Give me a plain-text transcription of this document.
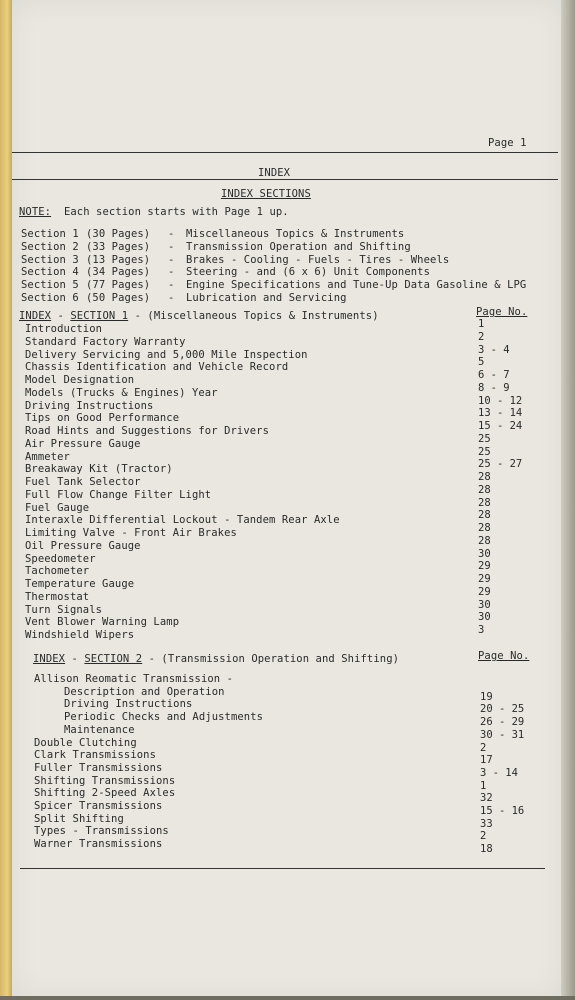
Page 1
INDEX
INDEX SECTIONS
NOTE: Each section starts with Page 1 up.
Section 1 (30 Pages) - Miscellaneous Topics & Instruments
Section 2 (33 Pages) - Transmission Operation and Shifting
Section 3 (13 Pages) - Brakes - Cooling - Fuels - Tires - Wheels
Section 4 (34 Pages) - Steering - and (6 x 6) Unit Components
Section 5 (77 Pages) - Engine Specifications and Tune-Up Data Gasoline & LPG
Section 6 (50 Pages) - Lubrication and Servicing
INDEX - SECTION 1 - (Miscellaneous Topics & Instruments)	Page No.
Introduction	1
Standard Factory Warranty	2
Delivery Servicing and 5,000 Mile Inspection	3 - 4
Chassis Identification and Vehicle Record	5
Model Designation	6 - 7
Models (Trucks & Engines) Year	8 - 9
Driving Instructions	10 - 12
Tips on Good Performance	13 - 14
Road Hints and Suggestions for Drivers	15 - 24
Air Pressure Gauge	25
Ammeter	25
Breakaway Kit (Tractor)	25 - 27
Fuel Tank Selector	28
Full Flow Change Filter Light	28
Fuel Gauge	28
Interaxle Differential Lockout - Tandem Rear Axle	28
Limiting Valve - Front Air Brakes	28
Oil Pressure Gauge	28
Speedometer	30
Tachometer	29
Temperature Gauge	29
Thermostat	29
Turn Signals	30
Vent Blower Warning Lamp	30
Windshield Wipers	3
INDEX - SECTION 2 - (Transmission Operation and Shifting)	Page No.
Allison Reomatic Transmission -
Description and Operation	19
Driving Instructions	20 - 25
Periodic Checks and Adjustments	26 - 29
Maintenance	30 - 31
Double Clutching	2
Clark Transmissions	17
Fuller Transmissions	3 - 14
Shifting Transmissions	1
Shifting 2-Speed Axles	32
Spicer Transmissions	15 - 16
Split Shifting	33
Types - Transmissions	2
Warner Transmissions	18
